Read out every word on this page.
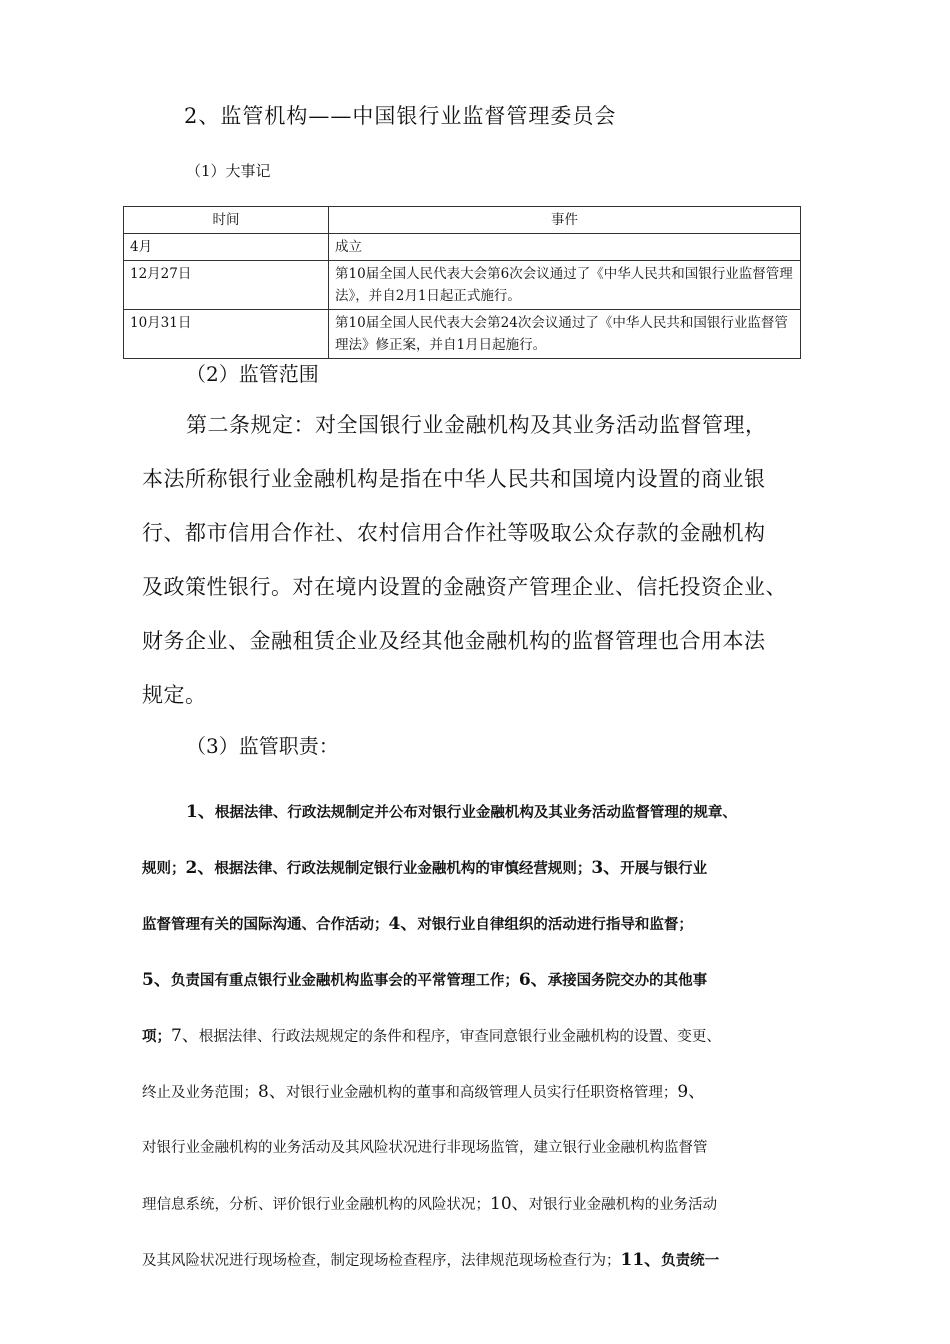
2、监管机构——中国银行业监督管理委员会
（1）大事记
时间	事件
4月	成立
12月27日	第10届全国人民代表大会第6次会议通过了《中华人民共和国银行业监督管理法》，并自2月1日起正式施行。
10月31日	第10届全国人民代表大会第24次会议通过了《中华人民共和国银行业监督管理法》修正案，并自1月日起施行。
（2）监管范围
第二条规定：对全国银行业金融机构及其业务活动监督管理，
本法所称银行业金融机构是指在中华人民共和国境内设置的商业银
行、都市信用合作社、农村信用合作社等吸取公众存款的金融机构
及政策性银行。对在境内设置的金融资产管理企业、信托投资企业、
财务企业、金融租赁企业及经其他金融机构的监督管理也合用本法
规定。
（3）监管职责：
1、根据法律、行政法规制定并公布对银行业金融机构及其业务活动监督管理的规章、
规则；2、根据法律、行政法规制定银行业金融机构的审慎经营规则；3、开展与银行业
监督管理有关的国际沟通、合作活动；4、对银行业自律组织的活动进行指导和监督；
5、负责国有重点银行业金融机构监事会的平常管理工作；6、承接国务院交办的其他事
项；7、根据法律、行政法规规定的条件和程序，审查同意银行业金融机构的设置、变更、
终止及业务范围；8、对银行业金融机构的董事和高级管理人员实行任职资格管理；9、
对银行业金融机构的业务活动及其风险状况进行非现场监管，建立银行业金融机构监督管
理信息系统，分析、评价银行业金融机构的风险状况；10、对银行业金融机构的业务活动
及其风险状况进行现场检查，制定现场检查程序，法律规范现场检查行为；11、负责统一
